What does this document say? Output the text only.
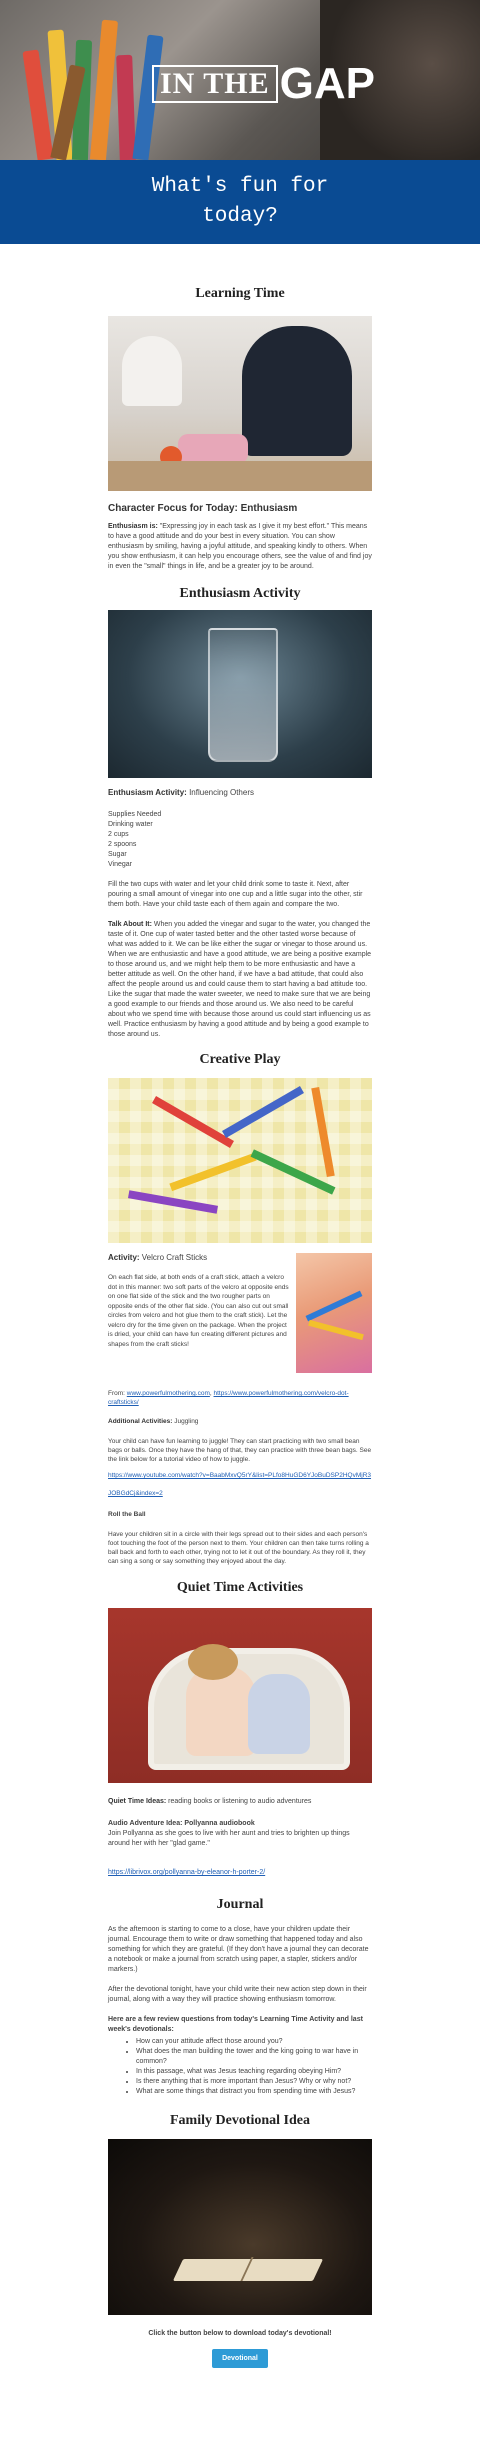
IN THE GAP
What's fun for today?
Learning Time
Character Focus for Today: Enthusiasm

Enthusiasm is: "Expressing joy in each task as I give it my best effort." This means to have a good attitude and do your best in every situation. You can show enthusiasm by smiling, having a joyful attitude, and speaking kindly to others. When you show enthusiasm, it can help you encourage others, see the value of and find joy in even the "small" things in life, and be a greater joy to be around.

Enthusiasm Activity

Enthusiasm Activity: Influencing Others

Supplies Needed

Drinking water

2 cups

2 spoons

Sugar

Vinegar

Fill the two cups with water and let your child drink some to taste it. Next, after pouring a small amount of vinegar into one cup and a little sugar into the other, stir them both. Have your child taste each of them again and compare the two.

Talk About It: When you added the vinegar and sugar to the water, you changed the taste of it. One cup of water tasted better and the other tasted worse because of what was added to it. We can be like either the sugar or vinegar to those around us. When we are enthusiastic and have a good attitude, we are being a positive example to those around us, and we might help them to be more enthusiastic and have a better attitude as well. On the other hand, if we have a bad attitude, that could also affect the people around us and could cause them to start having a bad attitude too. Like the sugar that made the water sweeter, we need to make sure that we are being a good example to our friends and those around us. We also need to be careful about who we spend time with because those around us could start influencing us as well. Practice enthusiasm by having a good attitude and by being a good example to those around us.

Creative Play

Activity: Velcro Craft Sticks

On each flat side, at both ends of a craft stick, attach a velcro dot in this manner: two soft parts of the velcro at opposite ends on one flat side of the stick and the two rougher parts on opposite ends of the other flat side. (You can also cut out small circles from velcro and hot glue them to the craft stick). Let the velcro dry for the time given on the package. When the project is dried, your child can have fun creating different pictures and shapes from the craft sticks!

From: www.powerfulmothering.com, https://www.powerfulmothering.com/velcro-dot-craftsticks/

Additional Activities: Juggling

Your child can have fun learning to juggle! They can start practicing with two small bean bags or balls. Once they have the hang of that, they can practice with three bean bags. See the link below for a tutorial video of how to juggle.

https://www.youtube.com/watch?v=BaabMxvQ5rY&list=PLfo8HuGD6YJoBuDSP2HQvMjR3JOBGdCj&index=2

Roll the Ball

Have your children sit in a circle with their legs spread out to their sides and each person's foot touching the foot of the person next to them. Your children can then take turns rolling a ball back and forth to each other, trying not to let it out of the boundary. As they roll it, they can sing a song or say something they enjoyed about the day.

Quiet Time Activities

Quiet Time Ideas: reading books or listening to audio adventures

Audio Adventure Idea: Pollyanna audiobook

Join Pollyanna as she goes to live with her aunt and tries to brighten up things around her with her "glad game."

https://librivox.org/pollyanna-by-eleanor-h-porter-2/

Journal

As the afternoon is starting to come to a close, have your children update their journal. Encourage them to write or draw something that happened today and also something for which they are grateful. (If they don't have a journal they can decorate a notebook or make a journal from scratch using paper, a stapler, stickers and/or markers.)

After the devotional tonight, have your child write their new action step down in their journal, along with a way they will practice showing enthusiasm tomorrow.

Here are a few review questions from today's Learning Time Activity and last week's devotionals:

• How can your attitude affect those around you?
• What does the man building the tower and the king going to war have in common?
• In this passage, what was Jesus teaching regarding obeying Him?
• Is there anything that is more important than Jesus? Why or why not?
• What are some things that distract you from spending time with Jesus?
Family Devotional Idea

Click the button below to download today's devotional!

Devotional
